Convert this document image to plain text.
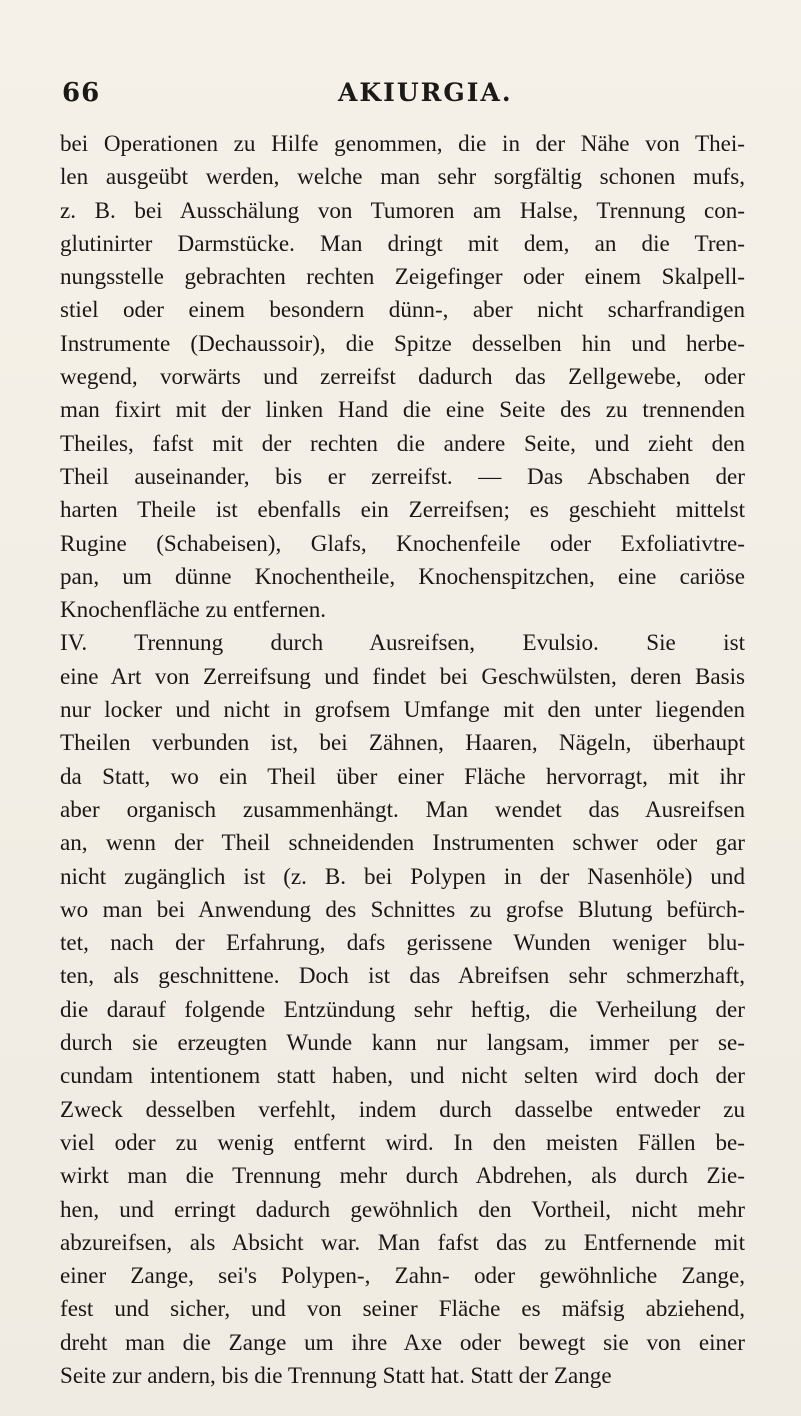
66	AKIURGIA.
bei Operationen zu Hilfe genommen, die in der Nähe von Thei-
len ausgeübt werden, welche man sehr sorgfältig schonen mufs,
z. B. bei Ausschälung von Tumoren am Halse, Trennung con-
glutinirter Darmstücke. Man dringt mit dem, an die Tren-
nungsstelle gebrachten rechten Zeigefinger oder einem Skalpell-
stiel oder einem besondern dünn-, aber nicht scharfrandigen
Instrumente (Dechaussoir), die Spitze desselben hin und herbe-
wegend, vorwärts und zerreifst dadurch das Zellgewebe, oder
man fixirt mit der linken Hand die eine Seite des zu trennenden
Theiles, fafst mit der rechten die andere Seite, und zieht den
Theil auseinander, bis er zerreifst. — Das Abschaben der
harten Theile ist ebenfalls ein Zerreifsen; es geschieht mittelst
Rugine (Schabeisen), Glafs, Knochenfeile oder Exfoliativtre-
pan, um dünne Knochentheile, Knochenspitzchen, eine cariöse
Knochenfläche zu entfernen.
IV. Trennung durch Ausreifsen, Evulsio. Sie ist
eine Art von Zerreifsung und findet bei Geschwülsten, deren Basis
nur locker und nicht in grofsem Umfange mit den unter liegenden
Theilen verbunden ist, bei Zähnen, Haaren, Nägeln, überhaupt
da Statt, wo ein Theil über einer Fläche hervorragt, mit ihr
aber organisch zusammenhängt. Man wendet das Ausreifsen
an, wenn der Theil schneidenden Instrumenten schwer oder gar
nicht zugänglich ist (z. B. bei Polypen in der Nasenhöle) und
wo man bei Anwendung des Schnittes zu grofse Blutung befürch-
tet, nach der Erfahrung, dafs gerissene Wunden weniger blu-
ten, als geschnittene. Doch ist das Abreifsen sehr schmerzhaft,
die darauf folgende Entzündung sehr heftig, die Verheilung der
durch sie erzeugten Wunde kann nur langsam, immer per se-
cundam intentionem statt haben, und nicht selten wird doch der
Zweck desselben verfehlt, indem durch dasselbe entweder zu
viel oder zu wenig entfernt wird. In den meisten Fällen be-
wirkt man die Trennung mehr durch Abdrehen, als durch Zie-
hen, und erringt dadurch gewöhnlich den Vortheil, nicht mehr
abzureifsen, als Absicht war. Man fafst das zu Entfernende mit
einer Zange, sei's Polypen-, Zahn- oder gewöhnliche Zange,
fest und sicher, und von seiner Fläche es mäfsig abziehend,
dreht man die Zange um ihre Axe oder bewegt sie von einer
Seite zur andern, bis die Trennung Statt hat. Statt der Zange
